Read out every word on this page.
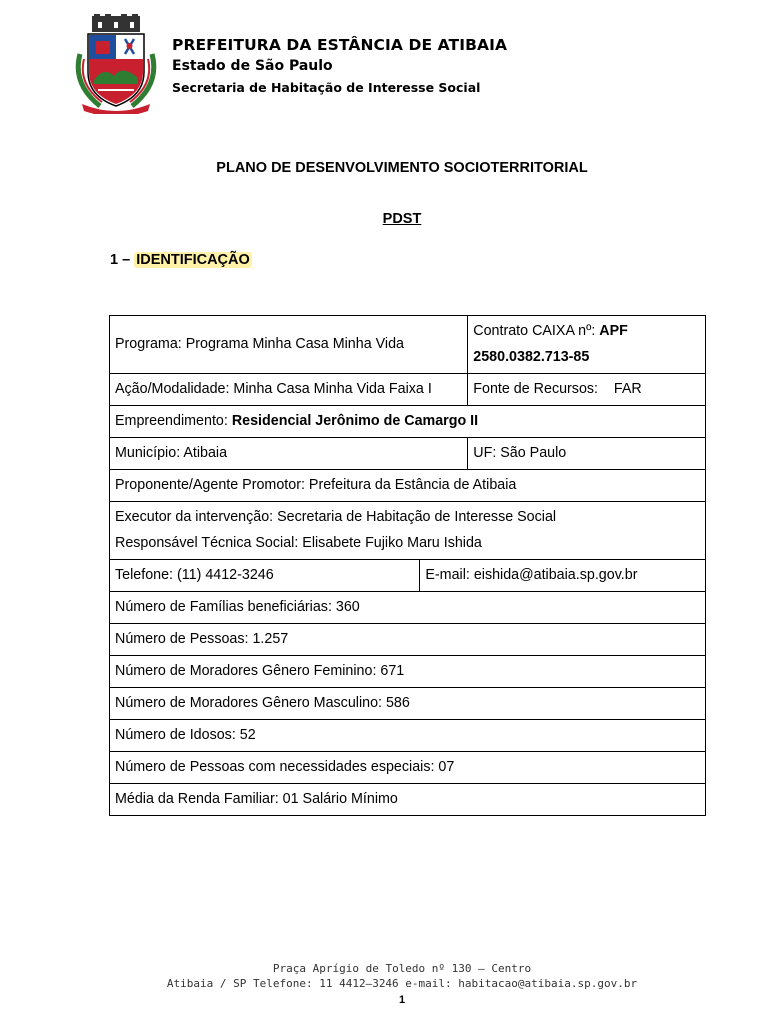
PREFEITURA DA ESTÂNCIA DE ATIBAIA
Estado de São Paulo
Secretaria de Habitação de Interesse Social
PLANO DE DESENVOLVIMENTO SOCIOTERRITORIAL
PDST
1 – IDENTIFICAÇÃO
Programa: Programa Minha Casa Minha Vida		Contrato CAIXA nº: APF
2580.0382.713-85
Ação/Modalidade: Minha Casa Minha Vida Faixa I		Fonte de Recursos: FAR
Empreendimento: Residencial Jerônimo de Camargo II		
Município: Atibaia		UF: São Paulo
Proponente/Agente Promotor: Prefeitura da Estância de Atibaia		
Executor da intervenção: Secretaria de Habitação de Interesse Social
Responsável Técnica Social: Elisabete Fujiko Maru Ishida		
Telefone: (11) 4412-3246	E-mail: eishida@atibaia.sp.gov.br	
Número de Famílias beneficiárias: 360		
Número de Pessoas: 1.257		
Número de Moradores Gênero Feminino: 671		
Número de Moradores Gênero Masculino: 586		
Número de Idosos: 52		
Número de Pessoas com necessidades especiais: 07		
Média da Renda Familiar: 01 Salário Mínimo		
Praça Aprígio de Toledo nº 130 – Centro
Atibaia / SP Telefone: 11 4412–3246 e-mail: habitacao@atibaia.sp.gov.br
1
